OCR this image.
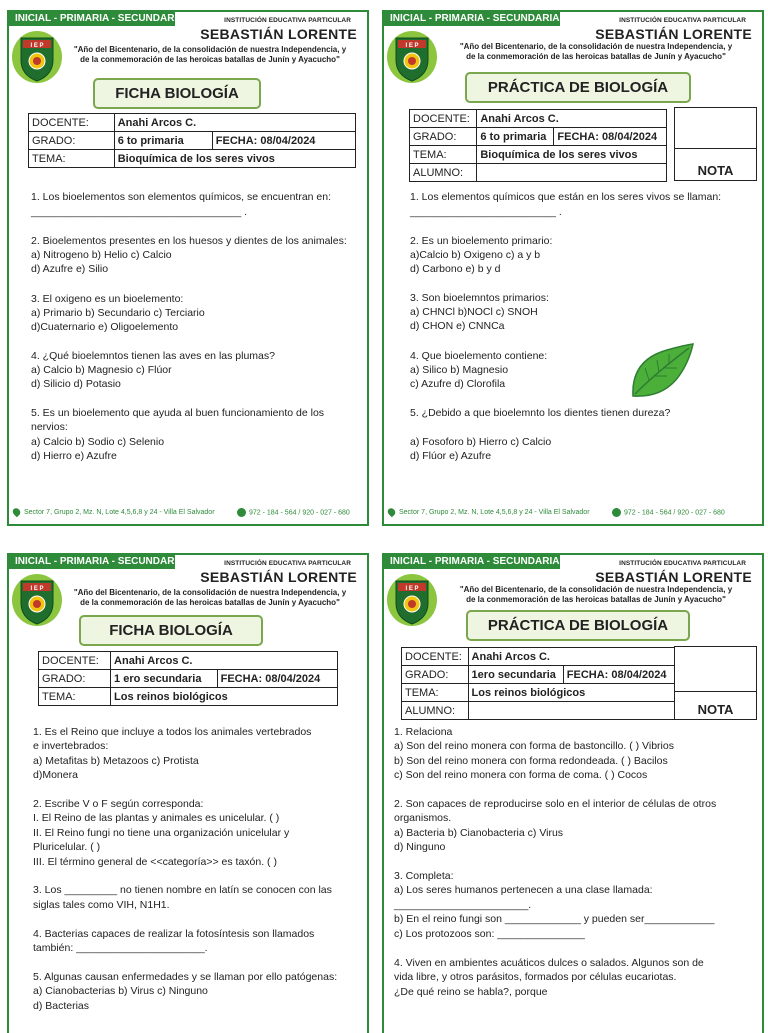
INICIAL - PRIMARIA - SECUNDARIA	INSTITUCIÓN EDUCATIVA PARTICULAR
SEBASTIÁN LORENTE
I E P	"Año del Bicentenario, de la consolidación de nuestra Independencia, y
de la conmemoración de las heroicas batallas de Junín y Ayacucho"
FICHA BIOLOGÍA
DOCENTE:	Anahi Arcos C.	
GRADO:	6 to primaria	FECHA: 08/04/2024
TEMA:	Bioquímica de los seres vivos	
1. Los bioelementos son elementos químicos, se encuentran en:
____________________________________ .
2. Bioelementos presentes en los huesos y dientes de los animales:
a) Nitrogeno b) Helio c) Calcio
d) Azufre e) Silio
3. El oxigeno es un bioelemento:
a) Primario b) Secundario c) Terciario
d)Cuaternario e) Oligoelemento
4. ¿Qué bioelemntos tienen las aves en las plumas?
a) Calcio b) Magnesio c) Flúor
d) Silicio d) Potasio
5. Es un bioelemento que ayuda al buen funcionamiento de los
nervios:
a) Calcio b) Sodio c) Selenio
d) Hierro e) Azufre
Sector 7, Grupo 2, Mz. N, Lote 4,5,6,8 y 24 - Villa El Salvador	972 - 184 - 564 / 920 - 027 - 680
INICIAL - PRIMARIA - SECUNDARIA	INSTITUCIÓN EDUCATIVA PARTICULAR
SEBASTIÁN LORENTE
I E P	"Año del Bicentenario, de la consolidación de nuestra Independencia, y
de la conmemoración de las heroicas batallas de Junín y Ayacucho"
PRÁCTICA DE BIOLOGÍA
DOCENTE:	Anahi Arcos C.	
GRADO:	6 to primaria	FECHA: 08/04/2024
TEMA:	Bioquímica de los seres vivos	
ALUMNO:			NOTA
1. Los elementos químicos que están en los seres vivos se llaman:
_________________________ .
2. Es un bioelemento primario:
a)Calcio b) Oxigeno c) a y b
d) Carbono e) b y d
3. Son bioelemntos primarios:
a) CHNCl b)NOCl c) SNOH
d) CHON e) CNNCa
4. Que bioelemento contiene:
a) Silico b) Magnesio
c) Azufre d) Clorofila
5. ¿Debido a que bioelemnto los dientes tienen dureza?
a) Fosoforo b) Hierro c) Calcio
d) Flúor e) Azufre
Sector 7, Grupo 2, Mz. N, Lote 4,5,6,8 y 24 - Villa El Salvador	972 - 184 - 564 / 920 - 027 - 680
INICIAL - PRIMARIA - SECUNDARIA	INSTITUCIÓN EDUCATIVA PARTICULAR
SEBASTIÁN LORENTE
I E P	"Año del Bicentenario, de la consolidación de nuestra Independencia, y
de la conmemoración de las heroicas batallas de Junín y Ayacucho"
FICHA BIOLOGÍA
DOCENTE:	Anahi Arcos C.	
GRADO:	1 ero secundaria	FECHA: 08/04/2024
TEMA:	Los reinos biológicos	
1. Es el Reino que incluye a todos los animales vertebrados
e invertebrados:
a) Metafitas b) Metazoos c) Protista
d)Monera
2. Escribe V o F según corresponda:
I. El Reino de las plantas y animales es unicelular. ( )
II. El Reino fungi no tiene una organización unicelular y
Pluricelular. ( )
III. El término general de <<categoría>> es taxón. ( )
3. Los _________ no tienen nombre en latín se conocen con las
siglas tales como VIH, N1H1.
4. Bacterias capaces de realizar la fotosíntesis son llamados
también: ______________________.
5. Algunas causan enfermedades y se llaman por ello patógenas:
a) Cianobacterias b) Virus c) Ninguno
d) Bacterias
INICIAL - PRIMARIA - SECUNDARIA	INSTITUCIÓN EDUCATIVA PARTICULAR
SEBASTIÁN LORENTE
I E P	"Año del Bicentenario, de la consolidación de nuestra Independencia, y
de la conmemoración de las heroicas batallas de Junín y Ayacucho"
PRÁCTICA DE BIOLOGÍA
DOCENTE:	Anahi Arcos C.	
GRADO:	1ero secundaria	FECHA: 08/04/2024
TEMA:	Los reinos biológicos	
ALUMNO:			NOTA
1. Relaciona
a) Son del reino monera con forma de bastoncillo. ( ) Vibrios
b) Son del reino monera con forma redondeada. ( ) Bacilos
c) Son del reino monera con forma de coma. ( ) Cocos
2. Son capaces de reproducirse solo en el interior de células de otros
organismos.
a) Bacteria b) Cianobacteria c) Virus
d) Ninguno
3. Completa:
a) Los seres humanos pertenecen a una clase llamada:
_______________________.
b) En el reino fungi son _____________ y pueden ser____________
c) Los protozoos son: _______________
4. Viven en ambientes acuáticos dulces o salados. Algunos son de
vida libre, y otros parásitos, formados por células eucariotas.
¿De qué reino se habla?, porque
